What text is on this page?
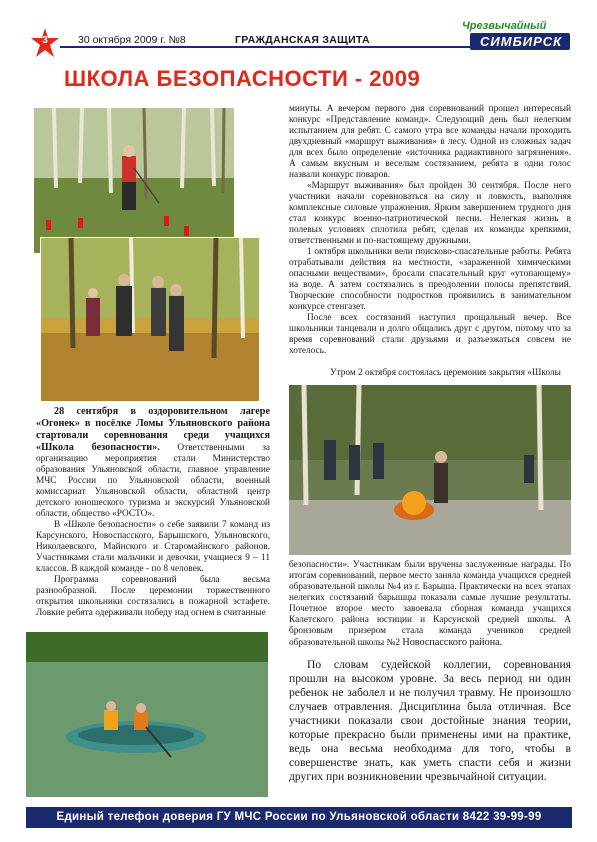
3	30 октября 2009 г. №8	ГРАЖДАНСКАЯ ЗАЩИТА
Чрезвычайный
СИМБИРСК
ШКОЛА БЕЗОПАСНОСТИ - 2009

28 сентября в оздоровительном лагере «Огонек» в посёлке Ломы Ульяновского района стартовали соревнования среди учащихся «Школа безопасности». Ответственными за организацию мероприятия стали Министерство образования Ульяновской области, главное управление МЧС России по Ульяновской области, военный комиссариат Ульяновской области, областной центр детского юношеского туризма и экскурсий Ульяновской области, общество «РОСТО».

В «Школе безопасности» о себе заявили 7 команд из Карсунского, Новоспасского, Барышского, Ульяновского, Николаевского, Майнского и Старомайнского районов. Участниками стали мальчики и девочки, учащиеся 9 – 11 классов. В каждой команде - по 8 человек.

Программа соревнований была весьма разнообразной. После церемонии торжественного открытия школьники состязались в пожарной эстафете. Ловкие ребята одерживали победу над огнем в считанные

минуты. А вечером первого дня соревнований прошел интересный конкурс «Представление команд». Следующий день был нелегким испытанием для ребят. С самого утра все команды начали проходить двухдневный «маршрут выживания» в лесу. Одной из сложных задач для всех было определение «источника радиактивного загрязнения». А самым вкусным и веселым состязанием, ребята в одни голос назвали конкурс поваров.

«Маршрут выживания» был пройден 30 сентября. После него участники начали соревноваться на силу и ловкость, выполняя комплексные силовые упражнения. Ярким завершением трудного дня стал конкурс военно-патриотической песни. Нелегкая жизнь в полевых условиях сплотила ребят, сделав их команды крепкими, ответственными и по-настоящему дружными.

1 октября школьники вели поисково-спасательные работы. Ребята отрабатывали действия на местности, «зараженной химическими опасными веществами», бросали спасательный круг «утопающему» на воде. А затем состязались в преодолении полосы препятствий. Творческие способности подростков проявились в занимательном конкурсе стенгазет.

После всех состязаний наступил прощальный вечер. Все школьники танцевали и долго общались друг с другом, потому что за время соревнований стали друзьями и разъезжаться совсем не хотелось.

Утром 2 октября состоялась церемония закрытия «Школы

безопасности». Участникам были вручены заслуженные награды. По итогам соревнований, первое место заняла команда учащихся средней образовательной школы №4 из г. Барыша. Практически на всех этапах нелегких состязаний барышцы показали самые лучшие результаты. Почетное второе место завоевала сборная команда учащихся Калетского района юстиции и Карсунской средней школы. А бронзовым призером стала команда учеников средней образовательной школы №2 Новоспасского района.

По словам судейской коллегии, соревнования прошли на высоком уровне. За весь период ни один ребенок не заболел и не получил травму. Не произошло случаев отравления. Дисциплина была отличная. Все участники показали свои достойные знания теории, которые прекрасно были применены ими на практике, ведь она весьма необходима для того, чтобы в совершенстве знать, как уметь спасти себя и жизни других при возникновении чрезвычайной ситуации.

Единый телефон доверия ГУ МЧС России по Ульяновской области 8422 39-99-99
